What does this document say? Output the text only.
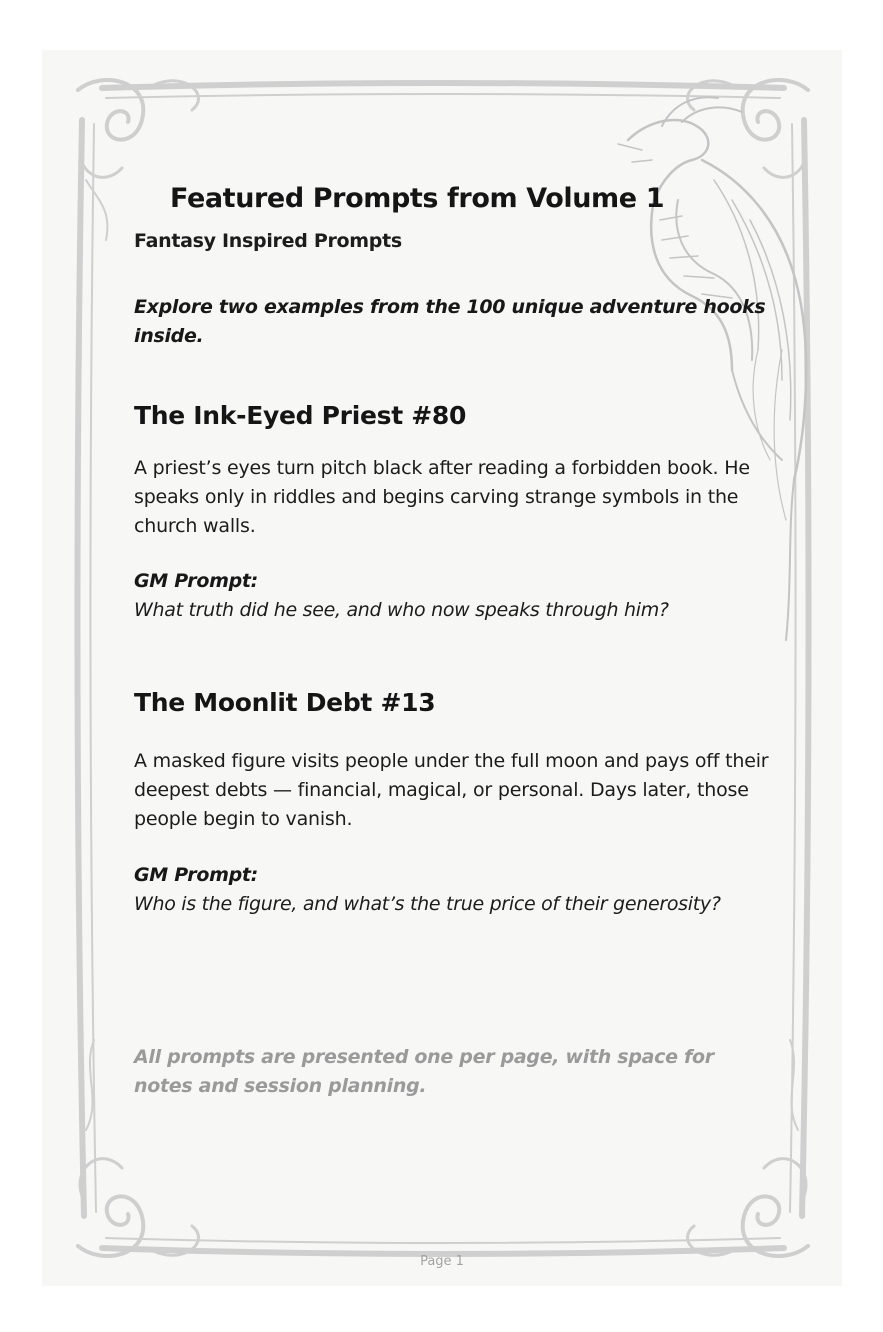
Featured Prompts from Volume 1
Fantasy Inspired Prompts

Explore two examples from the 100 unique adventure hooks inside.

The Ink-Eyed Priest #80

A priest’s eyes turn pitch black after reading a forbidden book. He speaks only in riddles and begins carving strange symbols in the church walls.

GM Prompt:

What truth did he see, and who now speaks through him?

The Moonlit Debt #13

A masked figure visits people under the full moon and pays off their deepest debts — financial, magical, or personal. Days later, those people begin to vanish.

GM Prompt:

Who is the figure, and what’s the true price of their generosity?

All prompts are presented one per page, with space for notes and session planning.

Page 1
